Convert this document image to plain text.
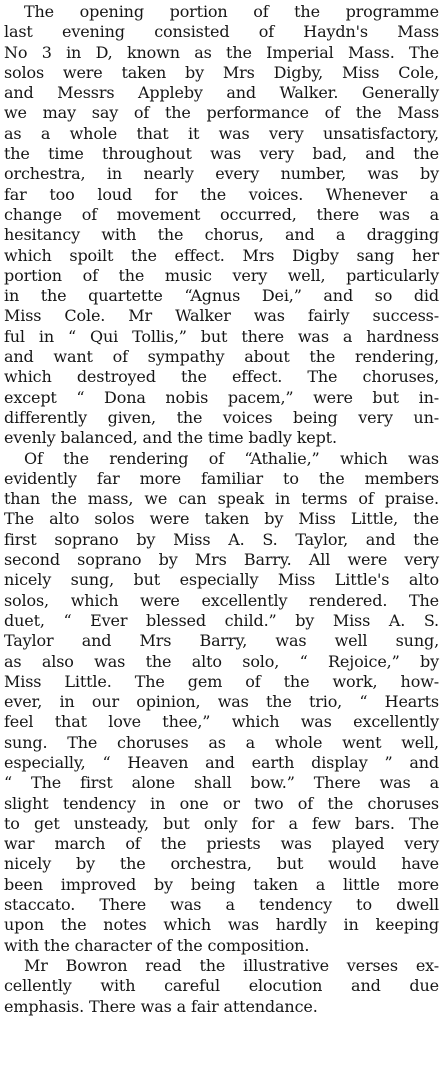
The opening portion of the programme
last evening consisted of Haydn's Mass
No 3 in D, known as the Imperial Mass. The
solos were taken by Mrs Digby, Miss Cole,
and Messrs Appleby and Walker. Generally
we may say of the performance of the Mass
as a whole that it was very unsatisfactory,
the time throughout was very bad, and the
orchestra, in nearly every number, was by
far too loud for the voices. Whenever a
change of movement occurred, there was a
hesitancy with the chorus, and a dragging
which spoilt the effect. Mrs Digby sang her
portion of the music very well, particularly
in the quartette “Agnus Dei,” and so did
Miss Cole. Mr Walker was fairly success-
ful in “ Qui Tollis,” but there was a hardness
and want of sympathy about the rendering,
which destroyed the effect. The choruses,
except “ Dona nobis pacem,” were but in-
differently given, the voices being very un-
evenly balanced, and the time badly kept.

Of the rendering of “Athalie,” which was
evidently far more familiar to the members
than the mass, we can speak in terms of praise.
The alto solos were taken by Miss Little, the
first soprano by Miss A. S. Taylor, and the
second soprano by Mrs Barry. All were very
nicely sung, but especially Miss Little's alto
solos, which were excellently rendered. The
duet, “ Ever blessed child.” by Miss A. S.
Taylor and Mrs Barry, was well sung,
as also was the alto solo, “ Rejoice,” by
Miss Little. The gem of the work, how-
ever, in our opinion, was the trio, “ Hearts
feel that love thee,” which was excellently
sung. The choruses as a whole went well,
especially, “ Heaven and earth display ” and
“ The first alone shall bow.” There was a
slight tendency in one or two of the choruses
to get unsteady, but only for a few bars. The
war march of the priests was played very
nicely by the orchestra, but would have
been improved by being taken a little more
staccato. There was a tendency to dwell
upon the notes which was hardly in keeping
with the character of the composition.

Mr Bowron read the illustrative verses ex-
cellently with careful elocution and due
emphasis. There was a fair attendance.
